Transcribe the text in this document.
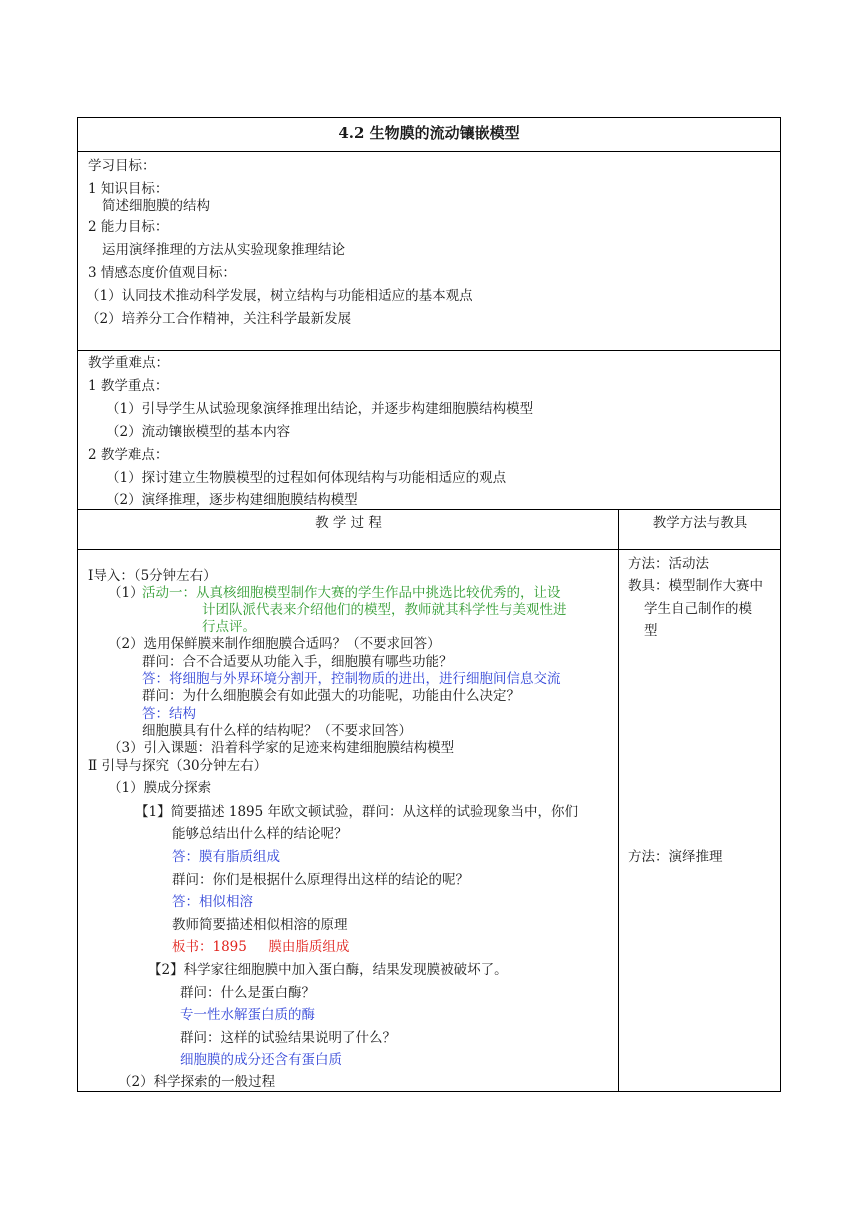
4.2 生物膜的流动镶嵌模型
学习目标：
1 知识目标：
简述细胞膜的结构
2 能力目标：
运用演绎推理的方法从实验现象推理结论
3 情感态度价值观目标：
（1）认同技术推动科学发展，树立结构与功能相适应的基本观点
（2）培养分工合作精神，关注科学最新发展
教学重难点：
1 教学重点：
（1）引导学生从试验现象演绎推理出结论，并逐步构建细胞膜结构模型
（2）流动镶嵌模型的基本内容
2 教学难点：
（1）探讨建立生物膜模型的过程如何体现结构与功能相适应的观点
（2）演绎推理，逐步构建细胞膜结构模型
教 学 过 程	教学方法与教具
Ⅰ导入：（5分钟左右）
（1）
活动一：从真核细胞模型制作大赛的学生作品中挑选比较优秀的，让设
计团队派代表来介绍他们的模型，教师就其科学性与美观性进
行点评。
（2）选用保鲜膜来制作细胞膜合适吗？（不要求回答）
群问：合不合适要从功能入手，细胞膜有哪些功能？
答：将细胞与外界环境分割开，控制物质的进出，进行细胞间信息交流
群问：为什么细胞膜会有如此强大的功能呢，功能由什么决定？
答：结构
细胞膜具有什么样的结构呢？（不要求回答）
（3）引入课题：沿着科学家的足迹来构建细胞膜结构模型
Ⅱ 引导与探究（30分钟左右）
（1）膜成分探索
【1】简要描述 1895 年欧文顿试验，群问：从这样的试验现象当中，你们
能够总结出什么样的结论呢？
答：膜有脂质组成
群问：你们是根据什么原理得出这样的结论的呢？
答：相似相溶
教师简要描述相似相溶的原理
板书：1895     膜由脂质组成
【2】科学家往细胞膜中加入蛋白酶，结果发现膜被破坏了。
群问：什么是蛋白酶？
专一性水解蛋白质的酶
群问：这样的试验结果说明了什么？
细胞膜的成分还含有蛋白质
（2）科学探索的一般过程
方法：活动法
教具：模型制作大赛中
学生自己制作的模
型
方法：演绎推理
